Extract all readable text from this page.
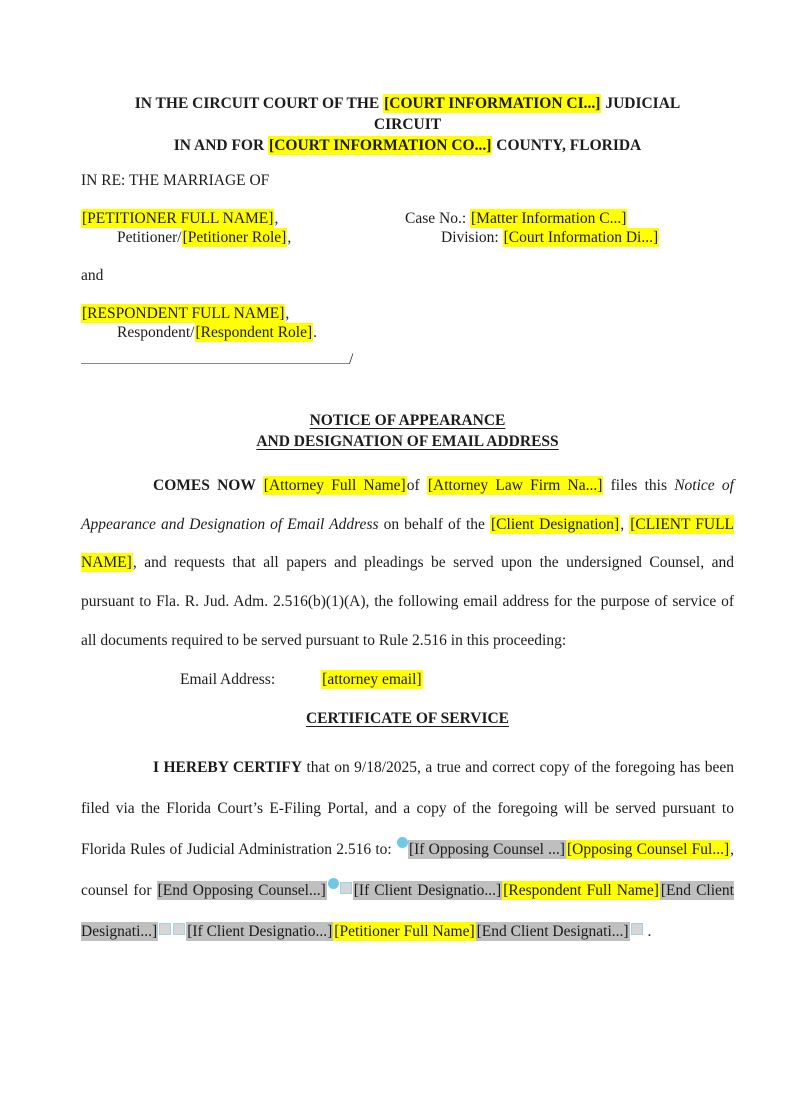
IN THE CIRCUIT COURT OF THE [COURT INFORMATION CI...] JUDICIAL
CIRCUIT
IN AND FOR [COURT INFORMATION CO...] COUNTY, FLORIDA
IN RE: THE MARRIAGE OF
[PETITIONER FULL NAME],	Case No.: [Matter Information C...]
Petitioner/[Petitioner Role],	Division: [Court Information Di...]
and
[RESPONDENT FULL NAME],
Respondent/[Respondent Role].
/
NOTICE OF APPEARANCE
AND DESIGNATION OF EMAIL ADDRESS
COMES NOW [Attorney Full Name]of [Attorney Law Firm Na...] files this Notice of Appearance and Designation of Email Address on behalf of the [Client Designation], [CLIENT FULL NAME], and requests that all papers and pleadings be served upon the undersigned Counsel, and pursuant to Fla. R. Jud. Adm. 2.516(b)(1)(A), the following email address for the purpose of service of all documents required to be served pursuant to Rule 2.516 in this proceeding:
Email Address:	[attorney email]
CERTIFICATE OF SERVICE
I HEREBY CERTIFY that on 9/18/2025, a true and correct copy of the foregoing has been filed via the Florida Court’s E-Filing Portal, and a copy of the foregoing will be served pursuant to Florida Rules of Judicial Administration 2.516 to: [If Opposing Counsel ...] [Opposing Counsel Ful...], counsel for [End Opposing Counsel...] [If Client Designatio...] [Respondent Full Name] [End Client Designati...] [If Client Designatio...] [Petitioner Full Name] [End Client Designati...] .
